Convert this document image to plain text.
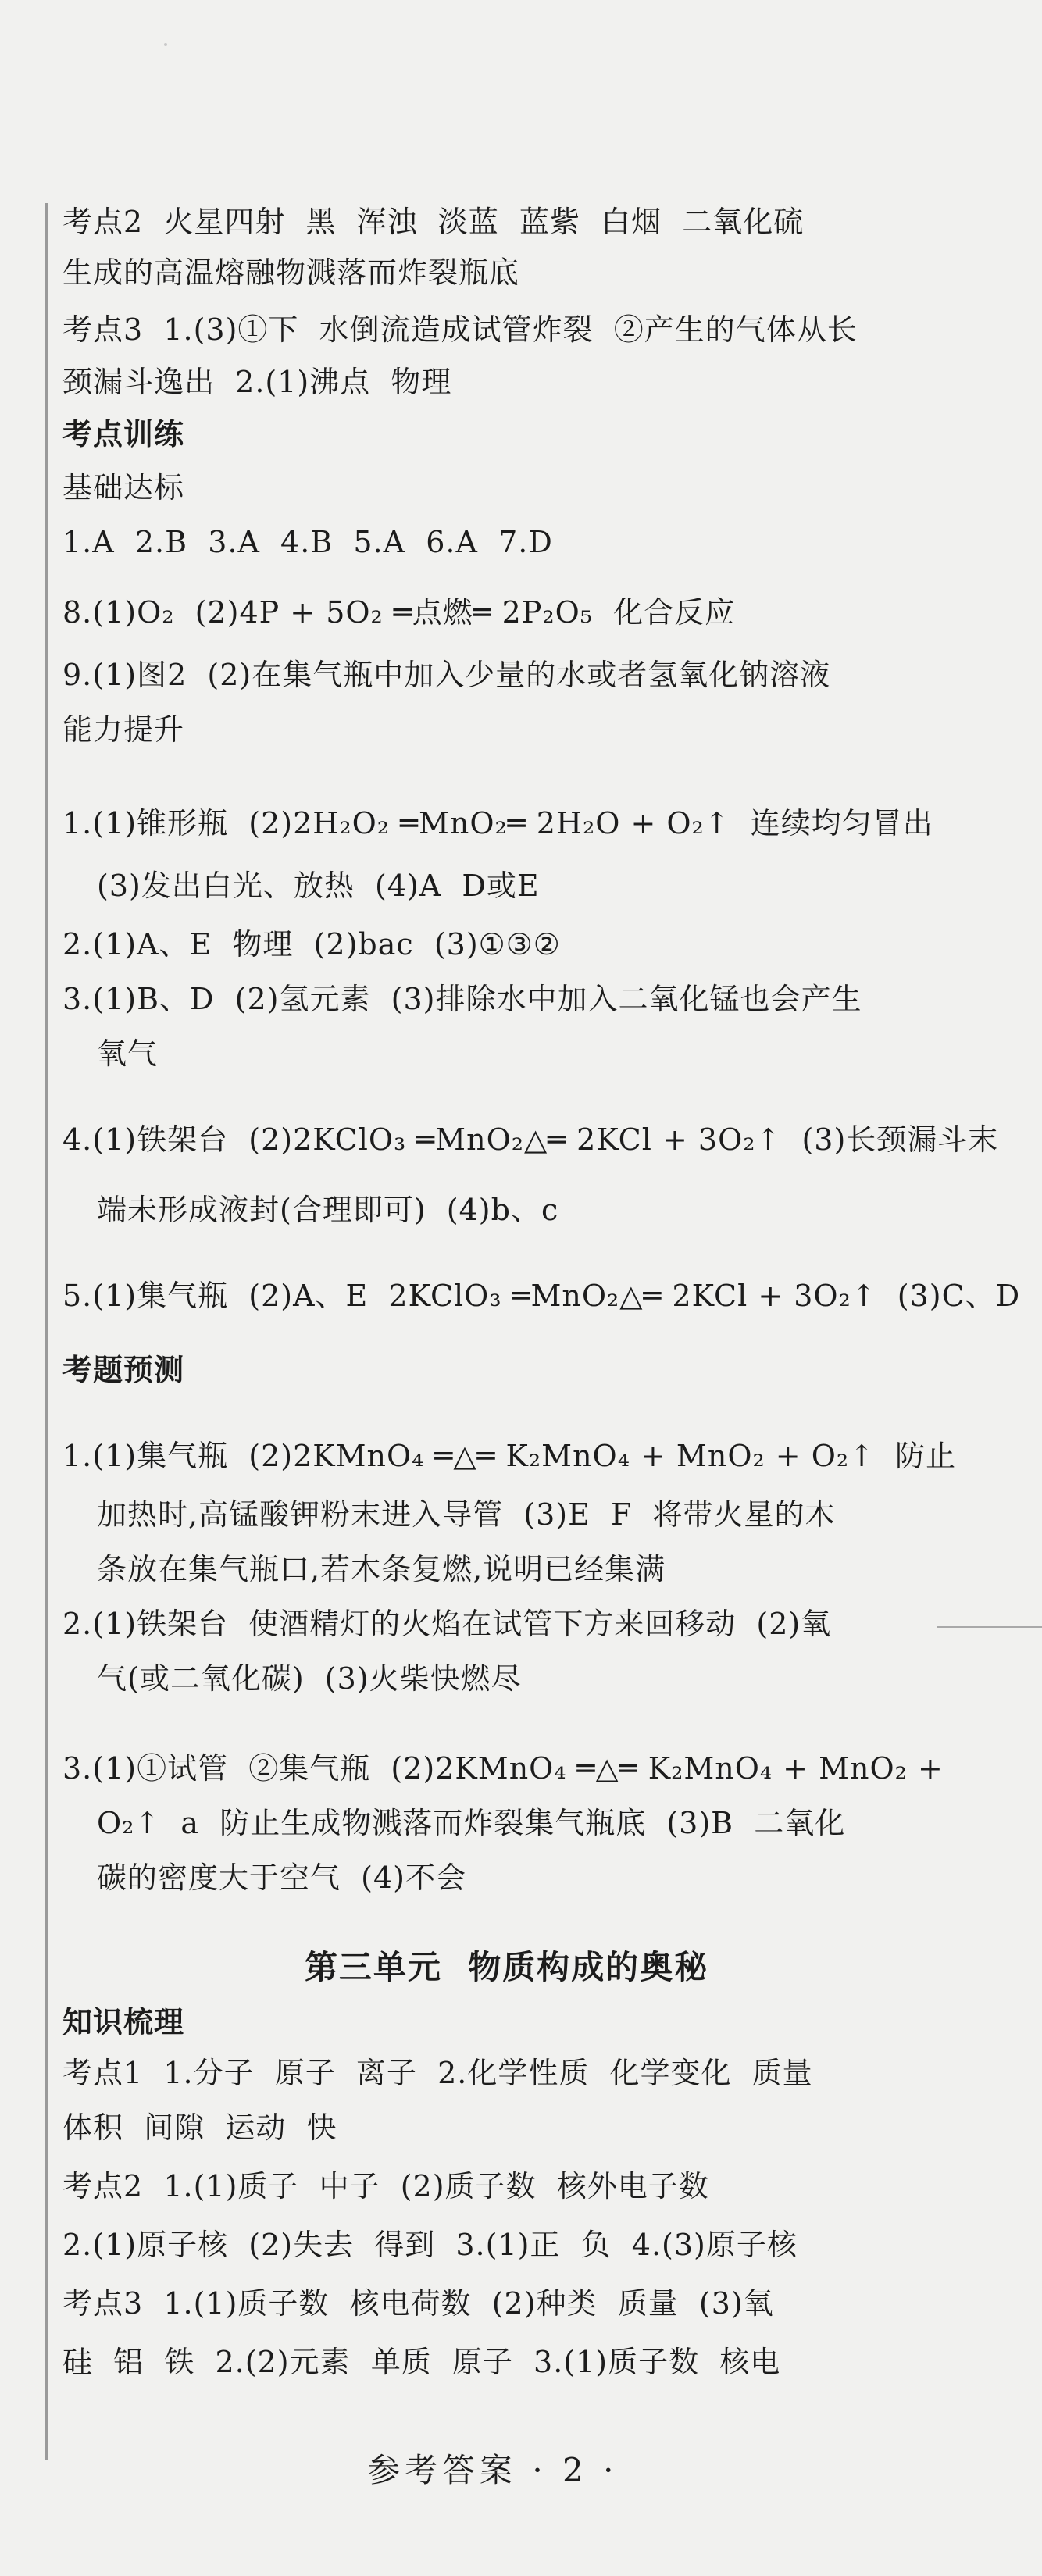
考点2  火星四射  黑  浑浊  淡蓝  蓝紫  白烟  二氧化硫
生成的高温熔融物溅落而炸裂瓶底
考点3  1.(3)①下  水倒流造成试管炸裂  ②产生的气体从长
颈漏斗逸出  2.(1)沸点  物理
考点训练
基础达标
1.A  2.B  3.A  4.B  5.A  6.A  7.D
8.(1)O₂  (2)4P + 5O₂ ═点燃═ 2P₂O₅  化合反应
9.(1)图2  (2)在集气瓶中加入少量的水或者氢氧化钠溶液
能力提升
1.(1)锥形瓶  (2)2H₂O₂ ═MnO₂═ 2H₂O + O₂↑  连续均匀冒出
(3)发出白光、放热  (4)A  D或E
2.(1)A、E  物理  (2)bac  (3)①③②
3.(1)B、D  (2)氢元素  (3)排除水中加入二氧化锰也会产生
氧气
4.(1)铁架台  (2)2KClO₃ ═MnO₂△═ 2KCl + 3O₂↑  (3)长颈漏斗末
端未形成液封(合理即可)  (4)b、c
5.(1)集气瓶  (2)A、E  2KClO₃ ═MnO₂△═ 2KCl + 3O₂↑  (3)C、D
考题预测
1.(1)集气瓶  (2)2KMnO₄ ═△═ K₂MnO₄ + MnO₂ + O₂↑  防止
加热时,高锰酸钾粉末进入导管  (3)E  F  将带火星的木
条放在集气瓶口,若木条复燃,说明已经集满
2.(1)铁架台  使酒精灯的火焰在试管下方来回移动  (2)氧
气(或二氧化碳)  (3)火柴快燃尽
3.(1)①试管  ②集气瓶  (2)2KMnO₄ ═△═ K₂MnO₄ + MnO₂ +
O₂↑  a  防止生成物溅落而炸裂集气瓶底  (3)B  二氧化
碳的密度大于空气  (4)不会
第三单元  物质构成的奥秘
知识梳理
考点1  1.分子  原子  离子  2.化学性质  化学变化  质量
体积  间隙  运动  快
考点2  1.(1)质子  中子  (2)质子数  核外电子数
2.(1)原子核  (2)失去  得到  3.(1)正  负  4.(3)原子核
考点3  1.(1)质子数  核电荷数  (2)种类  质量  (3)氧
硅  铝  铁  2.(2)元素  单质  原子  3.(1)质子数  核电
参考答案 · 2 ·
